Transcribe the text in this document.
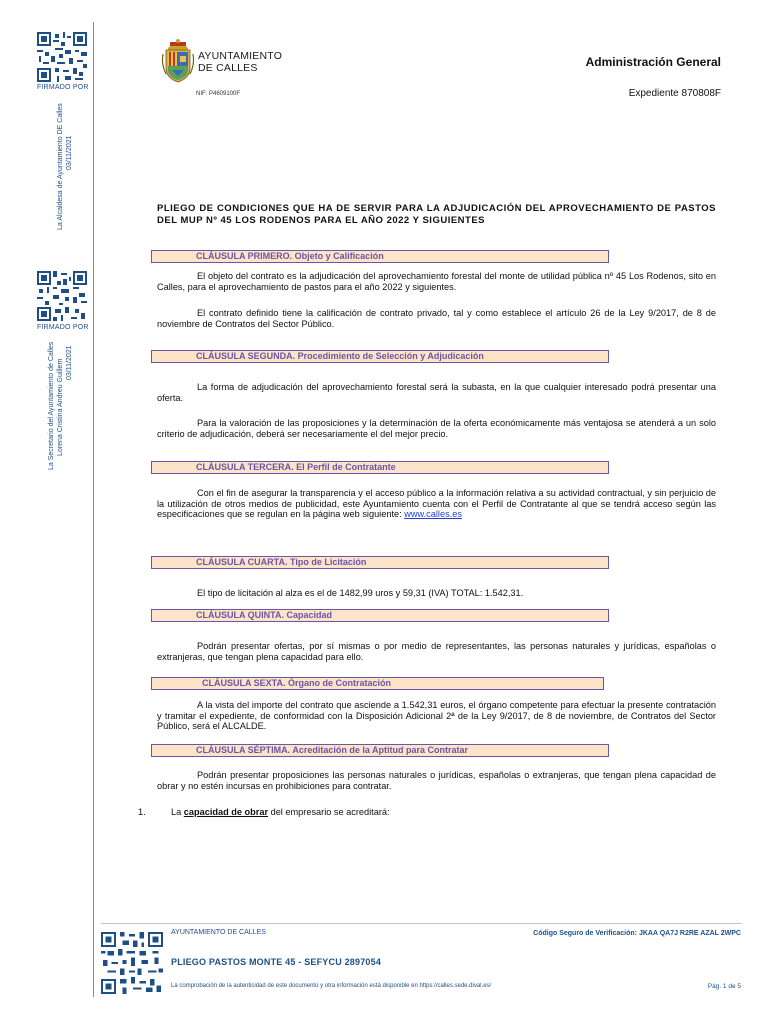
FIRMADO POR
La Alcaldesa de Ayuntamiento DE Calles 03/11/2021
FIRMADO POR
La Secretario del Ayuntamiento de Calles Lorena Cristina Andreu Guillem 03/11/2021
AYUNTAMIENTO
DE CALLES
NIF: P4609100F
Administración General
Expediente 870808F
PLIEGO DE CONDICIONES QUE HA DE SERVIR PARA LA ADJUDICACIÓN DEL APROVECHAMIENTO DE PASTOS DEL MUP Nº 45 LOS RODENOS PARA EL AÑO 2022 Y SIGUIENTES
CLÁUSULA PRIMERO. Objeto y Calificación
El objeto del contrato es la adjudicación del aprovechamiento forestal del monte de utilidad pública nº 45 Los Rodenos, sito en Calles, para el aprovechamiento de pastos para el año 2022 y siguientes.
El contrato definido tiene la calificación de contrato privado, tal y como establece el artículo 26 de la Ley 9/2017, de 8 de noviembre de Contratos del Sector Público.
CLÁUSULA SEGUNDA. Procedimiento de Selección y Adjudicación
La forma de adjudicación del aprovechamiento forestal será la subasta, en la que cualquier interesado podrá presentar una oferta.
Para la valoración de las proposiciones y la determinación de la oferta económicamente más ventajosa se atenderá a un solo criterio de adjudicación, deberá ser necesariamente el del mejor precio.
CLÁUSULA TERCERA. El Perfil de Contratante
Con el fin de asegurar la transparencia y el acceso público a la información relativa a su actividad contractual, y sin perjuicio de la utilización de otros medios de publicidad, este Ayuntamiento cuenta con el Perfil de Contratante al que se tendrá acceso según las especificaciones que se regulan en la página web siguiente: www.calles.es
CLÁUSULA CUARTA. Tipo de Licitación
El tipo de licitación al alza es el de 1482,99 uros y 59,31 (IVA) TOTAL: 1.542,31.
CLÁUSULA QUINTA. Capacidad
Podrán presentar ofertas, por sí mismas o por medio de representantes, las personas naturales y jurídicas, españolas o extranjeras, que tengan plena capacidad para ello.
CLÁUSULA SEXTA. Órgano de Contratación
A la vista del importe del contrato que asciende a 1.542,31 euros, el órgano competente para efectuar la presente contratación y tramitar el expediente, de conformidad con la Disposición Adicional 2ª de la Ley 9/2017, de 8 de noviembre, de Contratos del Sector Público, será el ALCALDE.
CLÁUSULA SÉPTIMA. Acreditación de la Aptitud para Contratar
Podrán presentar proposiciones las personas naturales o jurídicas, españolas o extranjeras, que tengan plena capacidad de obrar y no estén incursas en prohibiciones para contratar.
1.	La capacidad de obrar del empresario se acreditará:
AYUNTAMIENTO DE CALLES	Código Seguro de Verificación: JKAA QA7J R2RE AZAL 2WPC
PLIEGO PASTOS MONTE 45 - SEFYCU 2897054
La comprobación de la autenticidad de este documento y otra información está disponible en https://calles.sede.dival.es/	Pág. 1 de 5
